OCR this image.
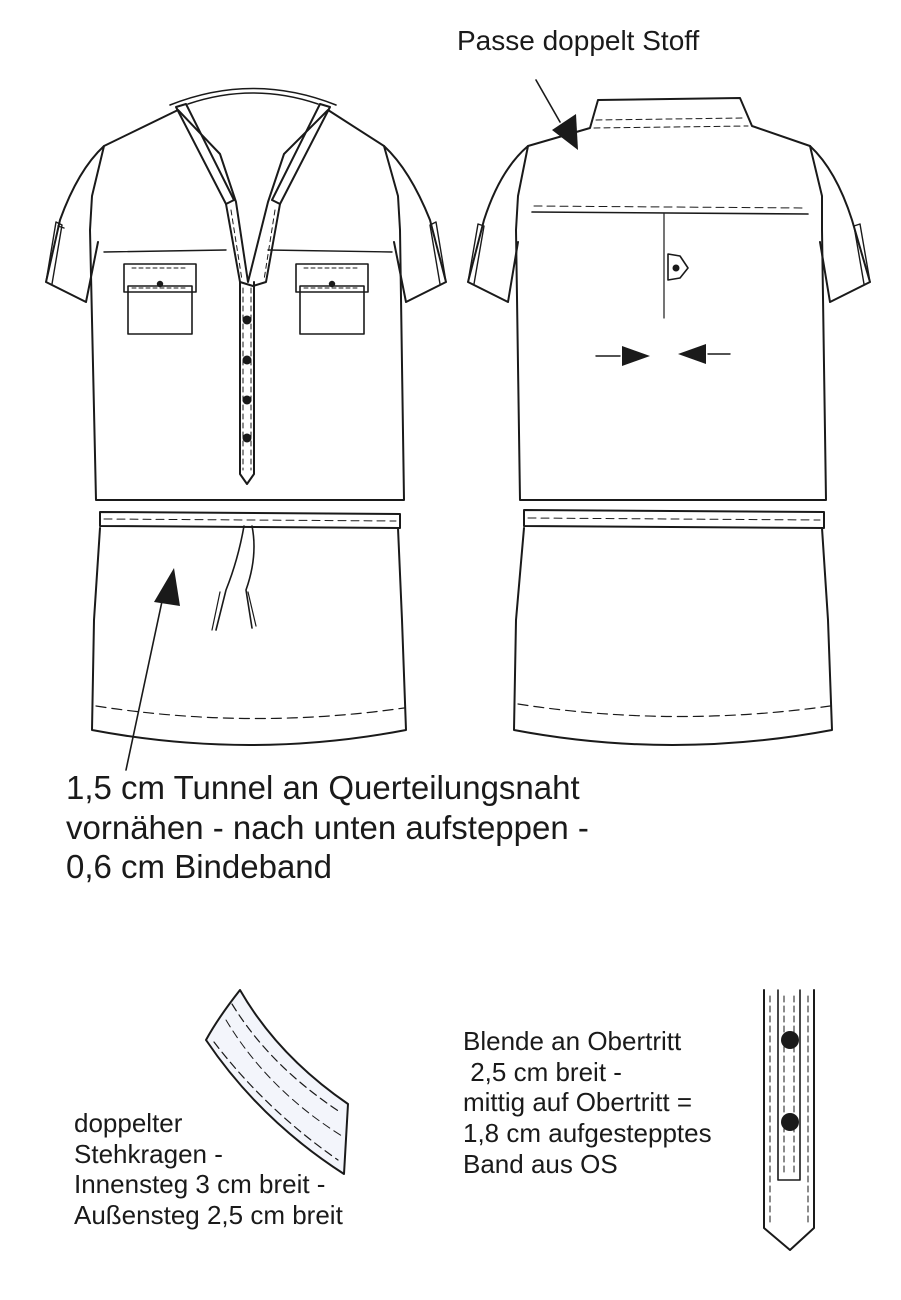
Passe doppelt Stoff
1,5 cm Tunnel an Querteilungsnaht
vornähen - nach unten aufsteppen -
0,6 cm Bindeband
doppelter
Stehkragen -
Innensteg 3 cm breit -
Außensteg 2,5 cm breit
Blende an Obertritt
2,5 cm breit -
mittig auf Obertritt =
1,8 cm aufgestepptes
Band aus OS
